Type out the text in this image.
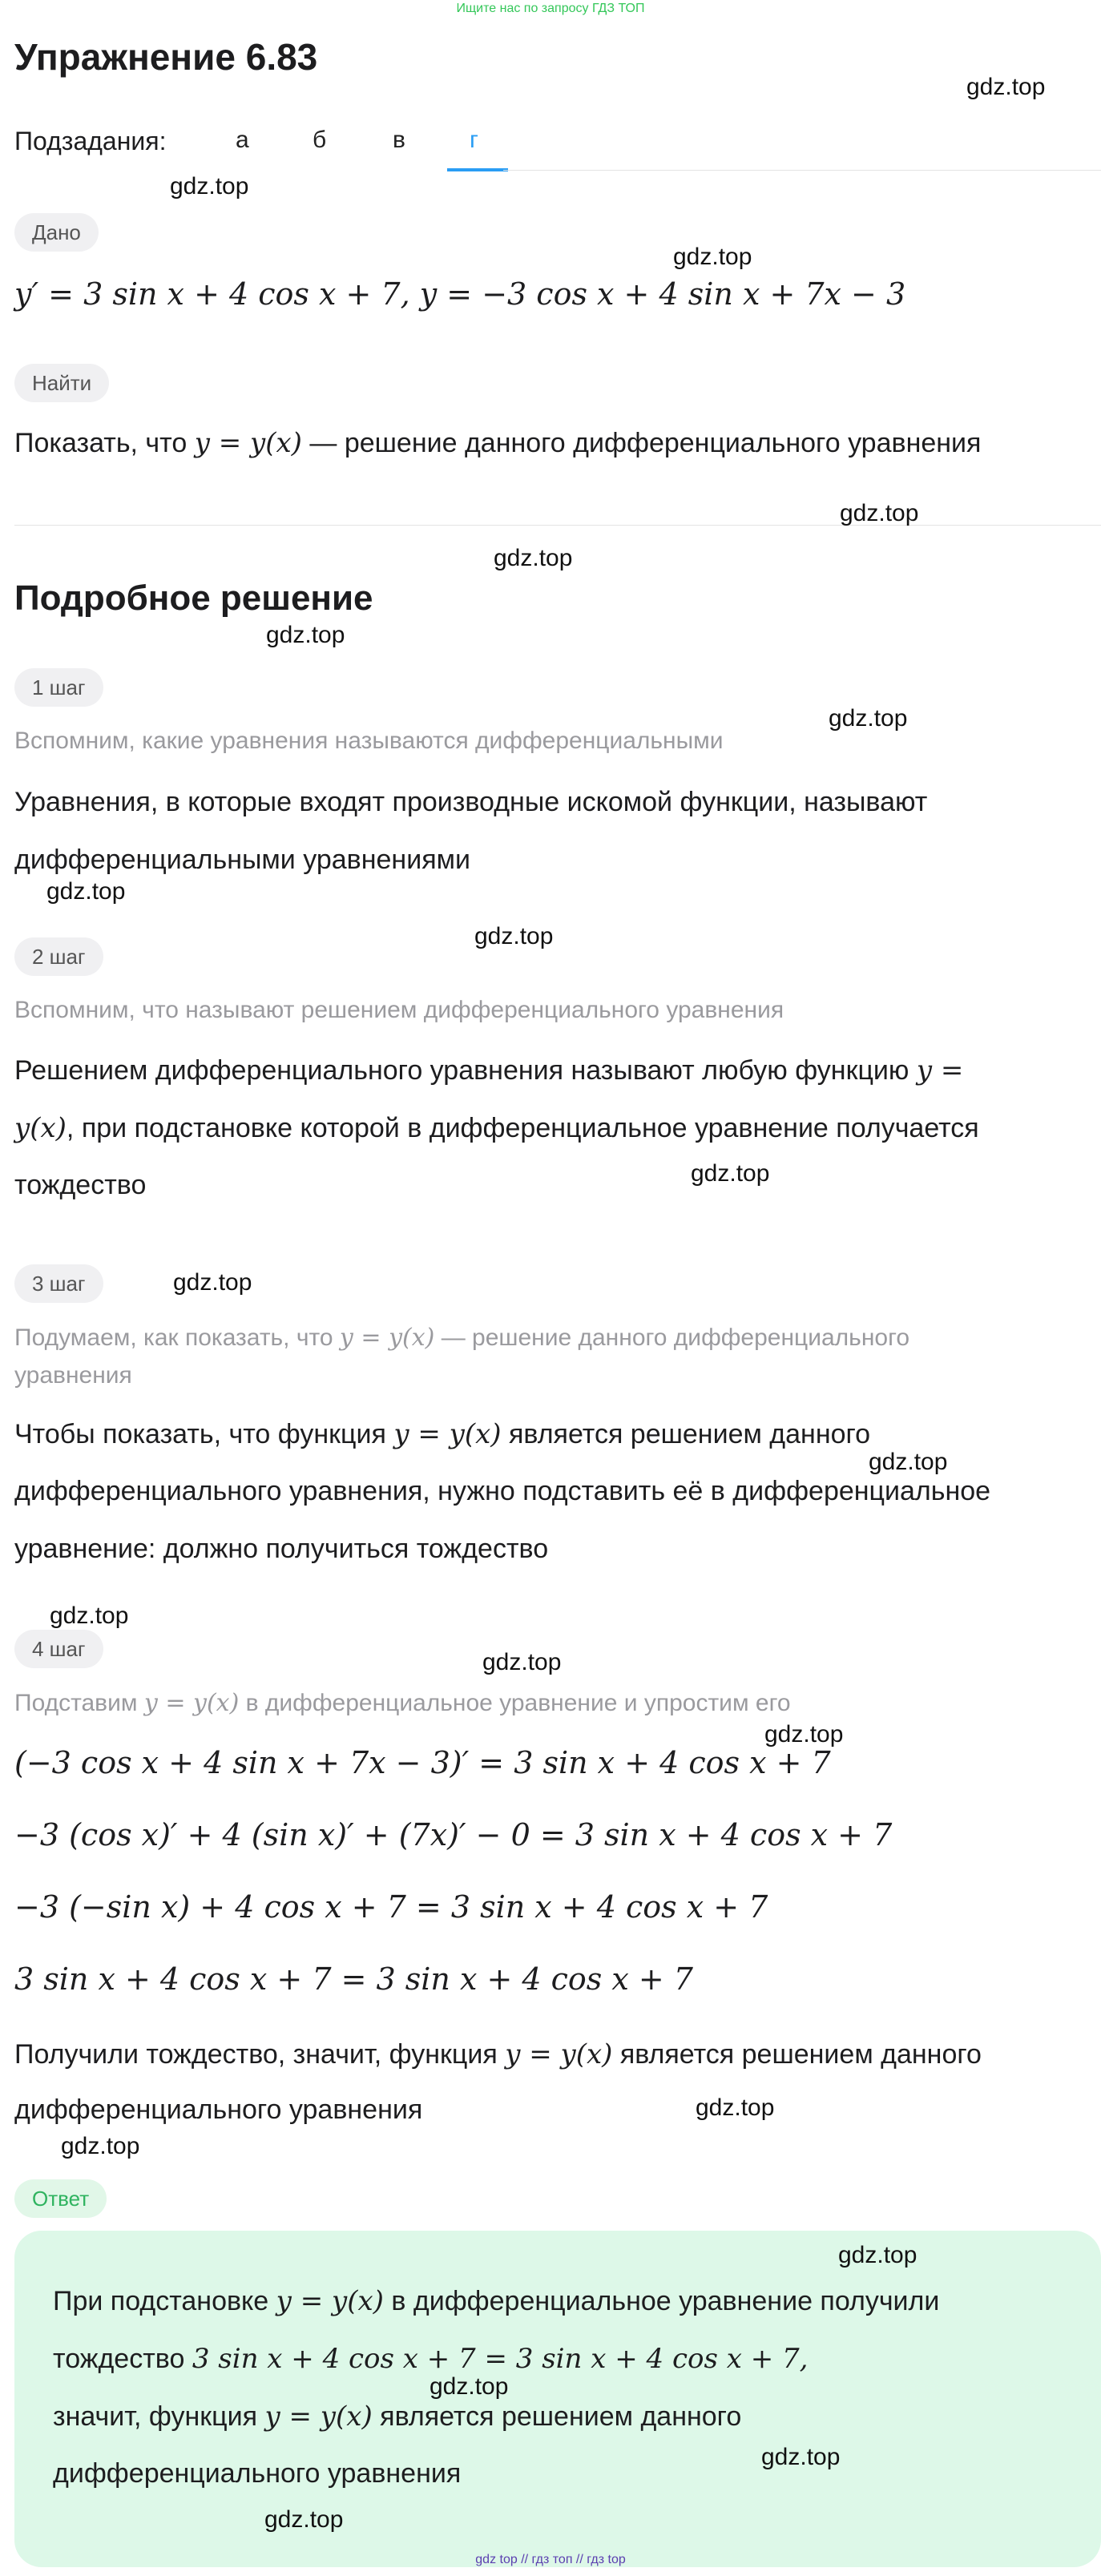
Ищите нас по запросу ГДЗ ТОП
Упражнение 6.83
Подзадания:	а	б	в	г
Дано
y′ = 3 sin x + 4 cos x + 7, y = −3 cos x + 4 sin x + 7x − 3
Найти
Показать, что y = y(x) — решение данного дифференциального уравнения
Подробное решение
1 шаг
Вспомним, какие уравнения называются дифференциальными
Уравнения, в которые входят производные искомой функции, называют
дифференциальными уравнениями
2 шаг
Вспомним, что называют решением дифференциального уравнения
Решением дифференциального уравнения называют любую функцию y =
y(x), при подстановке которой в дифференциальное уравнение получается
тождество
3 шаг
Подумаем, как показать, что y = y(x) — решение данного дифференциального
уравнения
Чтобы показать, что функция y = y(x) является решением данного
дифференциального уравнения, нужно подставить её в дифференциальное
уравнение: должно получиться тождество
4 шаг
Подставим y = y(x) в дифференциальное уравнение и упростим его
(−3 cos x + 4 sin x + 7x − 3)′ = 3 sin x + 4 cos x + 7
−3 (cos x)′ + 4 (sin x)′ + (7x)′ − 0 = 3 sin x + 4 cos x + 7
−3 (−sin x) + 4 cos x + 7 = 3 sin x + 4 cos x + 7
3 sin x + 4 cos x + 7 = 3 sin x + 4 cos x + 7
Получили тождество, значит, функция y = y(x) является решением данного
дифференциального уравнения
Ответ
При подстановке y = y(x) в дифференциальное уравнение получили
тождество 3 sin x + 4 cos x + 7 = 3 sin x + 4 cos x + 7,
значит, функция y = y(x) является решением данного
дифференциального уравнения
gdz.top
gdz.top
gdz.top
gdz.top
gdz.top
gdz.top
gdz.top
gdz.top
gdz.top
gdz.top
gdz.top
gdz.top
gdz.top
gdz.top
gdz.top
gdz.top
gdz.top
gdz.top
gdz.top
gdz.top
gdz.top
gdz top // гдз топ // гдз top
